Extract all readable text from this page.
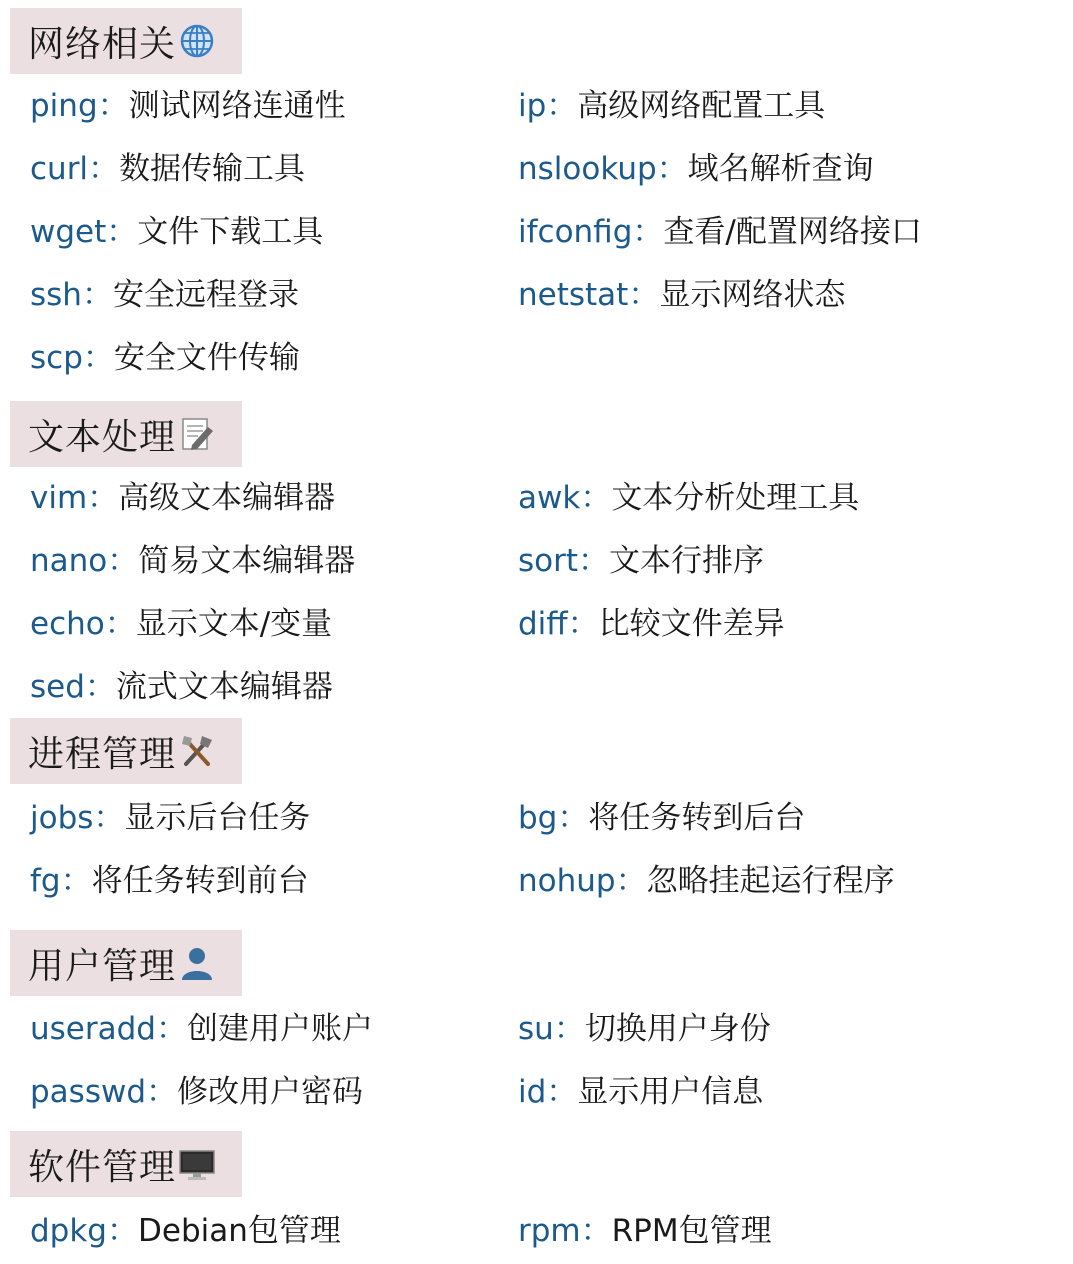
网络相关
ping：测试网络连通性
curl：数据传输工具
wget：文件下载工具
ssh：安全远程登录
scp：安全文件传输
ip：高级网络配置工具
nslookup：域名解析查询
ifconfig：查看/配置网络接口
netstat：显示网络状态
文本处理
vim：高级文本编辑器
nano：简易文本编辑器
echo：显示文本/变量
sed：流式文本编辑器
awk：文本分析处理工具
sort：文本行排序
diff：比较文件差异
进程管理
jobs：显示后台任务
fg：将任务转到前台
bg：将任务转到后台
nohup：忽略挂起运行程序
用户管理
useradd：创建用户账户
passwd：修改用户密码
su：切换用户身份
id：显示用户信息
软件管理
dpkg：Debian包管理	rpm：RPM包管理
